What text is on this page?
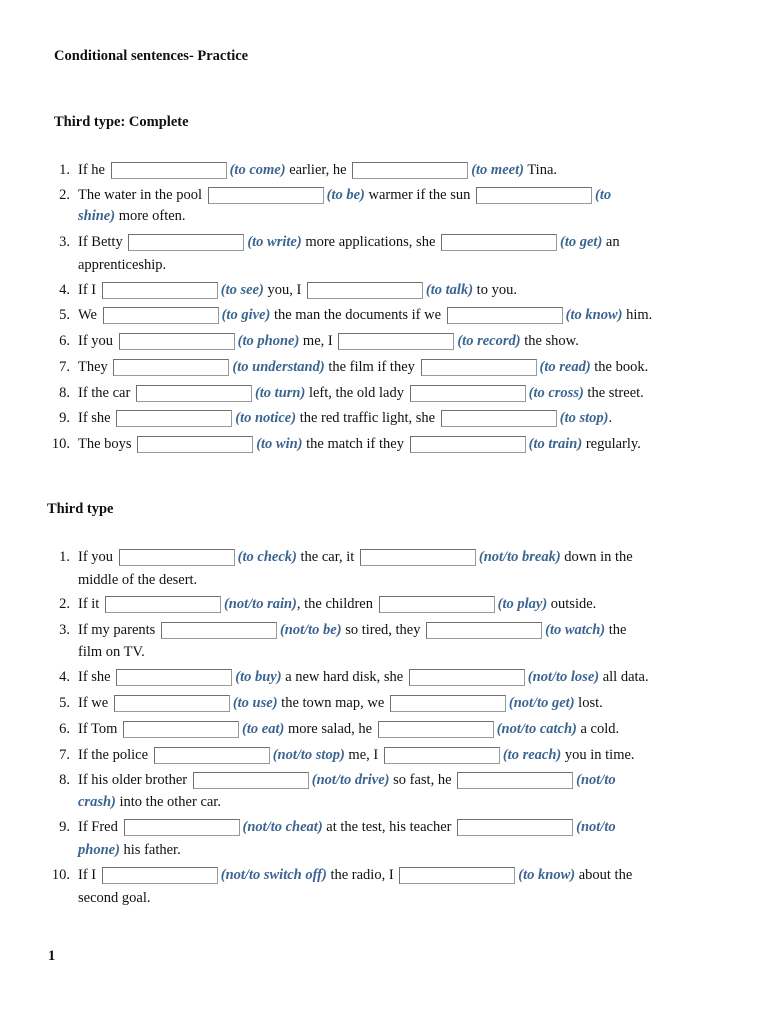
Conditional sentences- Practice
Third type: Complete
1. If he	(to come) earlier, he	(to meet) Tina.
2. The water in the pool	(to be) warmer if the sun	(to
shine) more often.
3. If Betty	(to write) more applications, she	(to get) an
apprenticeship.
4. If I	(to see) you, I	(to talk) to you.
5. We	(to give) the man the documents if we	(to know) him.
6. If you	(to phone) me, I	(to record) the show.
7. They	(to understand) the film if they	(to read) the book.
8. If the car	(to turn) left, the old lady	(to cross) the street.
9. If she	(to notice) the red traffic light, she	(to stop).
10. The boys	(to win) the match if they	(to train) regularly.
Third type
1. If you	(to check) the car, it	(not/to break) down in the
middle of the desert.
2. If it	(not/to rain), the children	(to play) outside.
3. If my parents	(not/to be) so tired, they	(to watch) the
film on TV.
4. If she	(to buy) a new hard disk, she	(not/to lose) all data.
5. If we	(to use) the town map, we	(not/to get) lost.
6. If Tom	(to eat) more salad, he	(not/to catch) a cold.
7. If the police	(not/to stop) me, I	(to reach) you in time.
8. If his older brother	(not/to drive) so fast, he	(not/to
crash) into the other car.
9. If Fred	(not/to cheat) at the test, his teacher	(not/to
phone) his father.
10. If I	(not/to switch off) the radio, I	(to know) about the
second goal.
1
